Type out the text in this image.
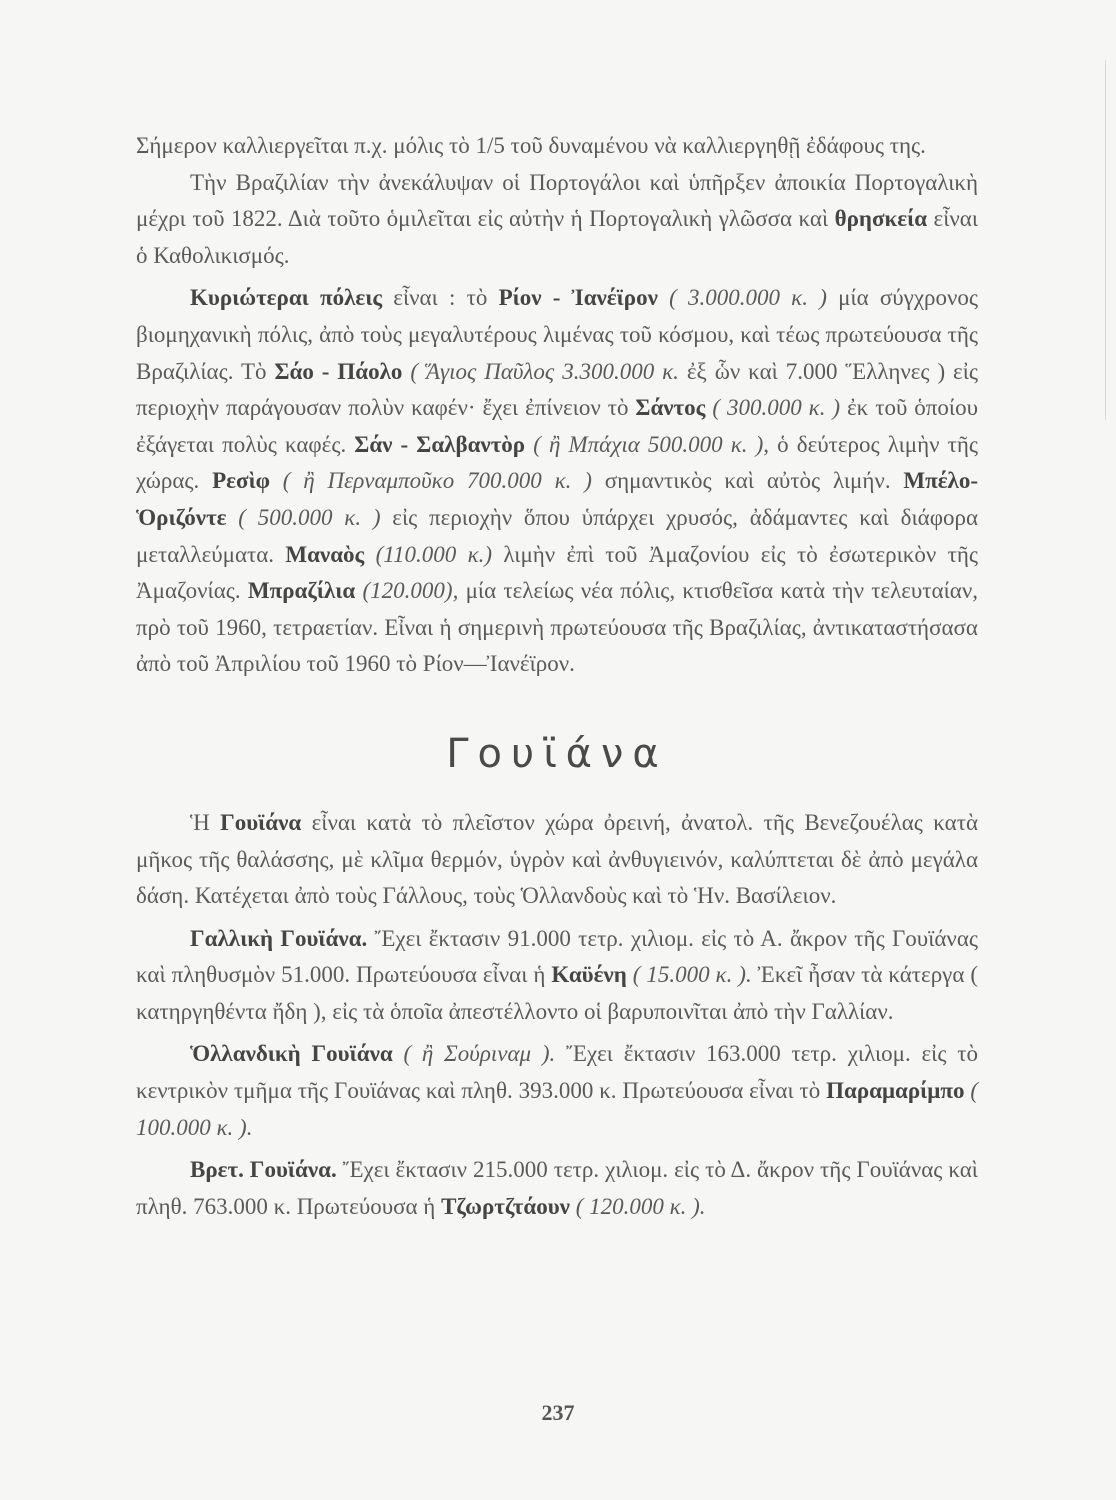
Σήμερον καλλιεργεῖται π.χ. μόλις τὸ 1/5 τοῦ δυναμένου νὰ καλλιεργηθῇ ἐδάφους της.

Τὴν Βραζιλίαν τὴν ἀνεκάλυψαν οἱ Πορτογάλοι καὶ ὑπῆρξεν ἀποικία Πορτογαλικὴ μέχρι τοῦ 1822. Διὰ τοῦτο ὁμιλεῖται εἰς αὐτὴν ἡ Πορτογαλικὴ γλῶσσα καὶ θρησκεία εἶναι ὁ Καθολικισμός.

Κυριώτεραι πόλεις εἶναι : τὸ Ρίον - Ἰανέϊρον ( 3.000.000 κ. ) μία σύγχρονος βιομηχανικὴ πόλις, ἀπὸ τοὺς μεγαλυτέρους λιμένας τοῦ κόσμου, καὶ τέως πρωτεύουσα τῆς Βραζιλίας. Τὸ Σάο - Πάολο ( Ἅγιος Παῦλος 3.300.000 κ. ἐξ ὧν καὶ 7.000 Ἕλληνες ) εἰς περιοχὴν παράγουσαν πολὺν καφέν· ἔχει ἐπίνειον τὸ Σάντος ( 300.000 κ. ) ἐκ τοῦ ὁποίου ἐξάγεται πολὺς καφές. Σάν - Σαλβαντὸρ ( ἢ Μπάχια 500.000 κ. ), ὁ δεύτερος λιμὴν τῆς χώρας. Ρεσὶφ ( ἢ Περναμποῦκο 700.000 κ. ) σημαντικὸς καὶ αὐτὸς λιμήν. Μπέλο-Ὁριζόντε ( 500.000 κ. ) εἰς περιοχὴν ὅπου ὑπάρχει χρυσός, ἀδάμαντες καὶ διάφορα μεταλλεύματα. Μαναὸς (110.000 κ.) λιμὴν ἐπὶ τοῦ Ἀμαζονίου εἰς τὸ ἐσωτερικὸν τῆς Ἀμαζονίας. Μπραζίλια (120.000), μία τελείως νέα πόλις, κτισθεῖσα κατὰ τὴν τελευταίαν, πρὸ τοῦ 1960, τετραετίαν. Εἶναι ἡ σημερινὴ πρωτεύουσα τῆς Βραζιλίας, ἀντικαταστήσασα ἀπὸ τοῦ Ἀπριλίου τοῦ 1960 τὸ Ρίον—Ἰανέϊρον.

Γουϊάνα

Ἡ Γουϊάνα εἶναι κατὰ τὸ πλεῖστον χώρα ὀρεινή, ἀνατολ. τῆς Βενεζουέλας κατὰ μῆκος τῆς θαλάσσης, μὲ κλῖμα θερμόν, ὑγρὸν καὶ ἀνθυγιεινόν, καλύπτεται δὲ ἀπὸ μεγάλα δάση. Κατέχεται ἀπὸ τοὺς Γάλλους, τοὺς Ὁλλανδοὺς καὶ τὸ Ἡν. Βασίλειον.

Γαλλικὴ Γουϊάνα. Ἔχει ἔκτασιν 91.000 τετρ. χιλιομ. εἰς τὸ Α. ἄκρον τῆς Γουϊάνας καὶ πληθυσμὸν 51.000. Πρωτεύουσα εἶναι ἡ Καϋένη ( 15.000 κ. ). Ἐκεῖ ἦσαν τὰ κάτεργα ( κατηργηθέντα ἤδη ), εἰς τὰ ὁποῖα ἀπεστέλλοντο οἱ βαρυποινῖται ἀπὸ τὴν Γαλλίαν.

Ὁλλανδικὴ Γουϊάνα ( ἢ Σούριναμ ). Ἔχει ἔκτασιν 163.000 τετρ. χιλιομ. εἰς τὸ κεντρικὸν τμῆμα τῆς Γουϊάνας καὶ πληθ. 393.000 κ. Πρωτεύουσα εἶναι τὸ Παραμαρίμπο ( 100.000 κ. ).

Βρετ. Γουϊάνα. Ἔχει ἔκτασιν 215.000 τετρ. χιλιομ. εἰς τὸ Δ. ἄκρον τῆς Γουϊάνας καὶ πληθ. 763.000 κ. Πρωτεύουσα ἡ Τζωρτζτάουν ( 120.000 κ. ).

237
